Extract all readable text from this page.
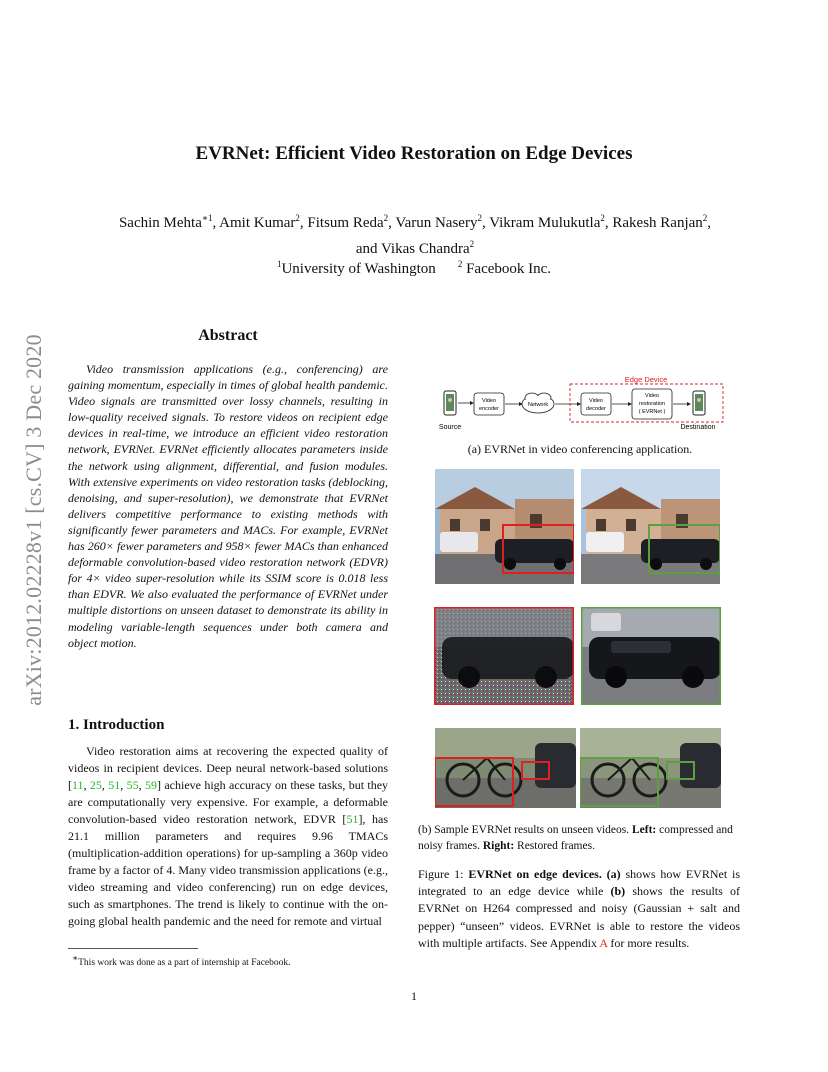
arXiv:2012.02228v1 [cs.CV] 3 Dec 2020
EVRNet: Efficient Video Restoration on Edge Devices
Sachin Mehta$^{∗1}$, Amit Kumar$^2$, Fitsum Reda$^2$, Varun Nasery$^2$, Vikram Mulukutla$^2$, Rakesh Ranjan$^2$,
and Vikas Chandra$^2$
$^1$University of Washington $^2$ Facebook Inc.
Abstract
Video transmission applications (e.g., conferencing) are gaining momentum, especially in times of global health pandemic. Video signals are transmitted over lossy channels, resulting in low-quality received signals. To restore videos on recipient edge devices in real-time, we introduce an efficient video restoration network, EVRNet. EVRNet efficiently allocates parameters inside the network using alignment, differential, and fusion modules. With extensive experiments on video restoration tasks (deblocking, denoising, and super-resolution), we demonstrate that EVRNet delivers competitive performance to existing methods with significantly fewer parameters and MACs. For example, EVRNet has 260× fewer parameters and 958× fewer MACs than enhanced deformable convolution-based video restoration network (EDVR) for 4× video super-resolution while its SSIM score is 0.018 less than EDVR. We also evaluated the performance of EVRNet under multiple distortions on unseen dataset to demonstrate its ability in modeling variable-length sequences under both camera and object motion.
1. Introduction
Video restoration aims at recovering the expected quality of videos in recipient devices. Deep neural network-based solutions [11, 25, 51, 55, 59] achieve high accuracy on these tasks, but they are computationally very expensive. For example, a deformable convolution-based video restoration network, EDVR [51], has 21.1 million parameters and requires 9.96 TMACs (multiplication-addition operations) for up-sampling a 360p video frame by a factor of 4. Many video transmission applications (e.g., video streaming and video conferencing) run on edge devices, such as smartphones. The trend is likely to continue with the on-going global health pandemic and the need for remote and virtual
∗This work was done as a part of internship at Facebook.
1
Edge Device
Video
encoder
Network
Video
decoder
Video
restoration
( EVRNet )
Source	Destination
(a) EVRNet in video conferencing application.
(b) Sample EVRNet results on unseen videos. Left: compressed and noisy frames. Right: Restored frames.
Figure 1: EVRNet on edge devices. (a) shows how EVRNet is integrated to an edge device while (b) shows the results of EVRNet on H264 compressed and noisy (Gaussian + salt and pepper) “unseen” videos. EVRNet is able to restore the videos with multiple artifacts. See Appendix A for more results.
